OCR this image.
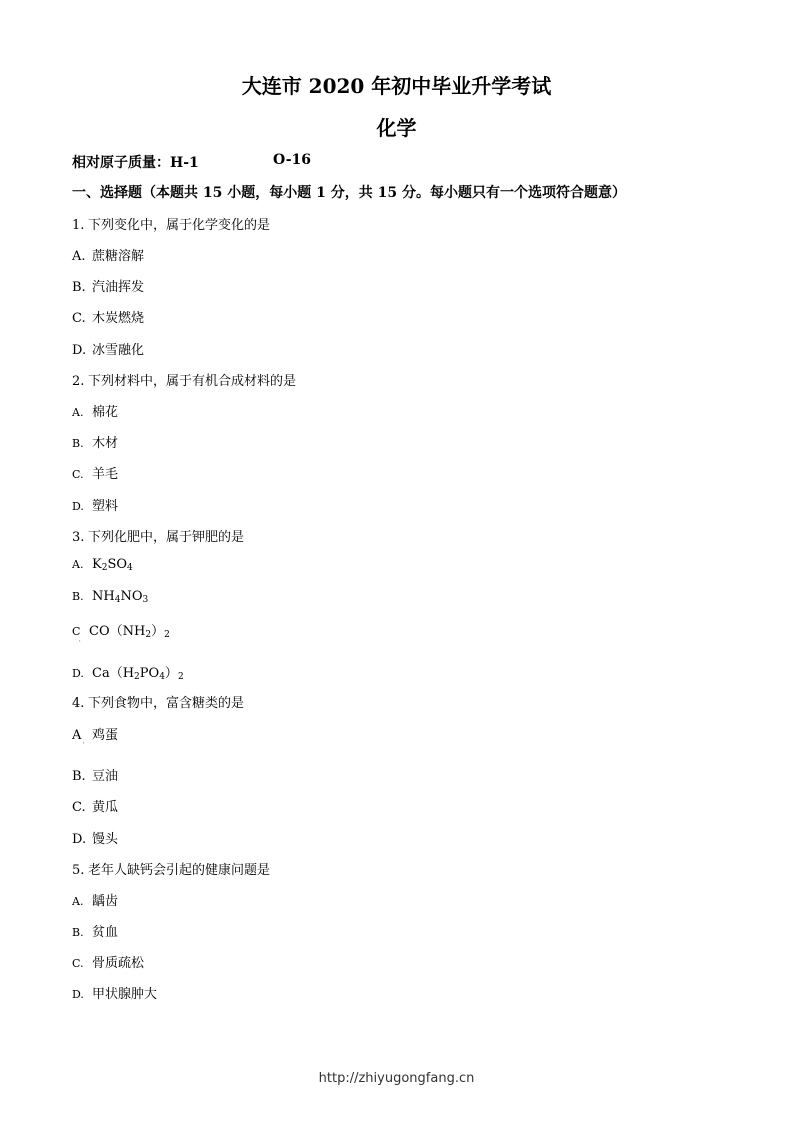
大连市 2020 年初中毕业升学考试
化学
相对原子质量：H-1	O-16
一、选择题（本题共 15 小题，每小题 1 分，共 15 分。每小题只有一个选项符合题意）
1. 下列变化中，属于化学变化的是
A. 蔗糖溶解
B. 汽油挥发
C. 木炭燃烧
D. 冰雪融化
2. 下列材料中，属于有机合成材料的是
A. 棉花
B. 木材
C. 羊毛
D. 塑料
3. 下列化肥中，属于钾肥的是
A. $K_2SO_4$
B. $NH_4NO_3$
C $CO(NH_2)_2$
'
D. $Ca(H_2PO_4)_2$
4. 下列食物中，富含糖类的是
A 鸡蛋
'
B. 豆油
C. 黄瓜
D. 馒头
5. 老年人缺钙会引起的健康问题是
A. 龋齿
B. 贫血
C. 骨质疏松
D. 甲状腺肿大
http://zhiyugongfang.cn
